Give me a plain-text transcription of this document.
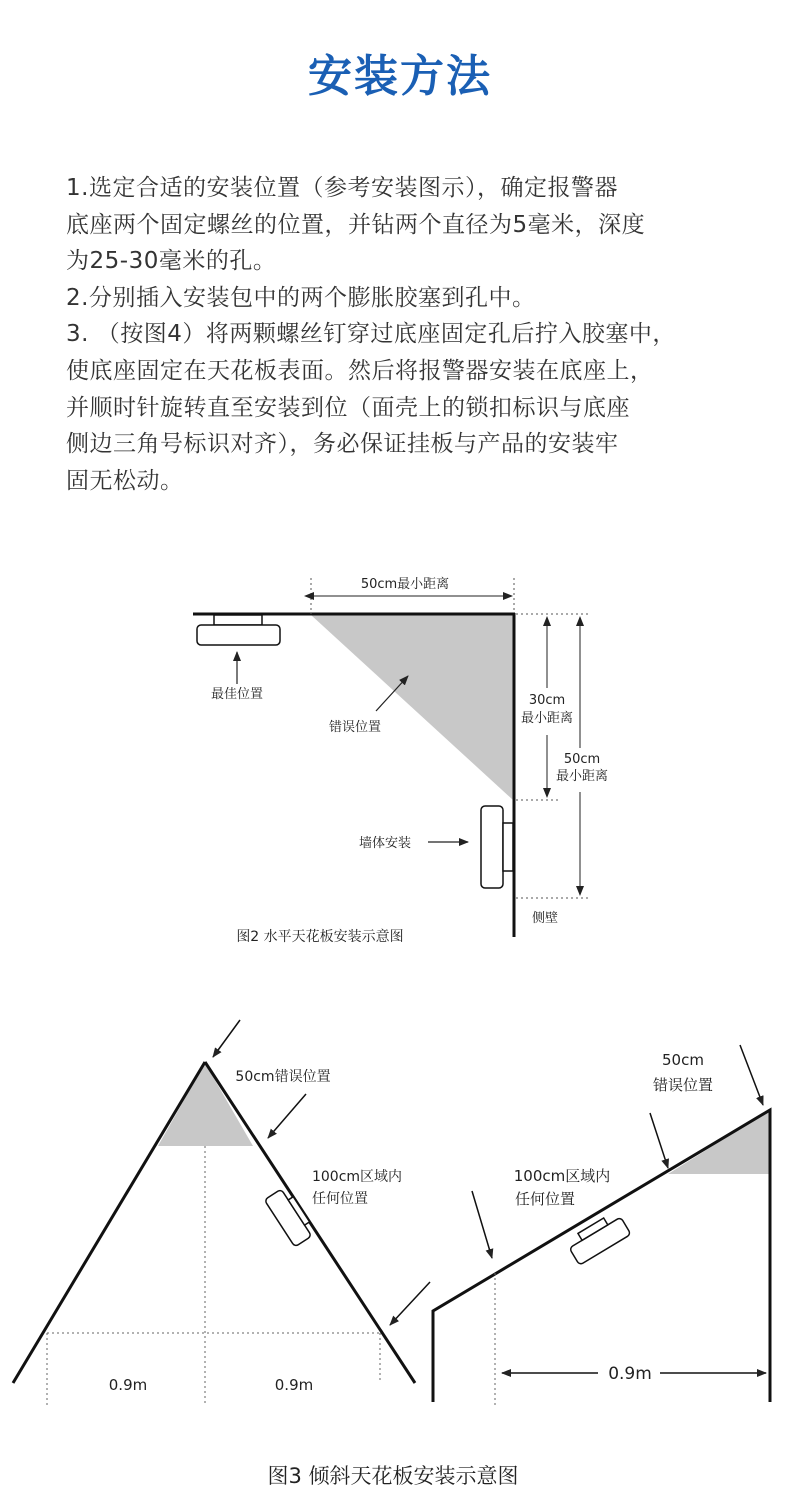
安装方法
1.选定合适的安装位置（参考安装图示），确定报警器
底座两个固定螺丝的位置，并钻两个直径为5毫米，深度
为25-30毫米的孔。
2.分别插入安装包中的两个膨胀胶塞到孔中。
3. （按图4）将两颗螺丝钉穿过底座固定孔后拧入胶塞中，
使底座固定在天花板表面。然后将报警器安装在底座上，
并顺时针旋转直至安装到位（面壳上的锁扣标识与底座
侧边三角号标识对齐），务必保证挂板与产品的安装牢
固无松动。
50cm最小距离
最佳位置
错误位置
30cm
最小距离
50cm
最小距离
墙体安装
侧壁
图2 水平天花板安装示意图
50cm错误位置
100cm区域内
任何位置
0.9m	0.9m
50cm
错误位置
100cm区域内
任何位置
0.9m
图3 倾斜天花板安装示意图
